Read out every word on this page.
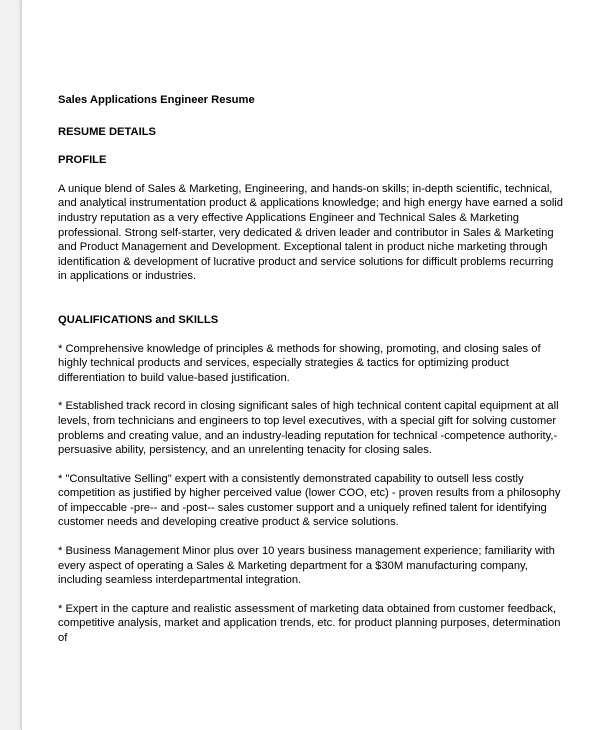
Sales Applications Engineer Resume

RESUME DETAILS

PROFILE

A unique blend of Sales & Marketing, Engineering, and hands-on skills; in-depth scientific, technical, and analytical instrumentation product & applications knowledge; and high energy have earned a solid industry reputation as a very effective Applications Engineer and Technical Sales & Marketing professional. Strong self-starter, very dedicated & driven leader and contributor in Sales & Marketing and Product Management and Development. Exceptional talent in product niche marketing through identification & development of lucrative product and service solutions for difficult problems recurring in applications or industries.

QUALIFICATIONS and SKILLS

* Comprehensive knowledge of principles & methods for showing, promoting, and closing sales of highly technical products and services, especially strategies & tactics for optimizing product differentiation to build value-based justification.

* Established track record in closing significant sales of high technical content capital equipment at all levels, from technicians and engineers to top level executives, with a special gift for solving customer problems and creating value, and an industry-leading reputation for technical -competence authority,- persuasive ability, persistency, and an unrelenting tenacity for closing sales.

* "Consultative Selling" expert with a consistently demonstrated capability to outsell less costly competition as justified by higher perceived value (lower COO, etc) - proven results from a philosophy of impeccable -pre-- and -post-- sales customer support and a uniquely refined talent for identifying customer needs and developing creative product & service solutions.

* Business Management Minor plus over 10 years business management experience; familiarity with every aspect of operating a Sales & Marketing department for a $30M manufacturing company, including seamless interdepartmental integration.

* Expert in the capture and realistic assessment of marketing data obtained from customer feedback, competitive analysis, market and application trends, etc. for product planning purposes, determination of
